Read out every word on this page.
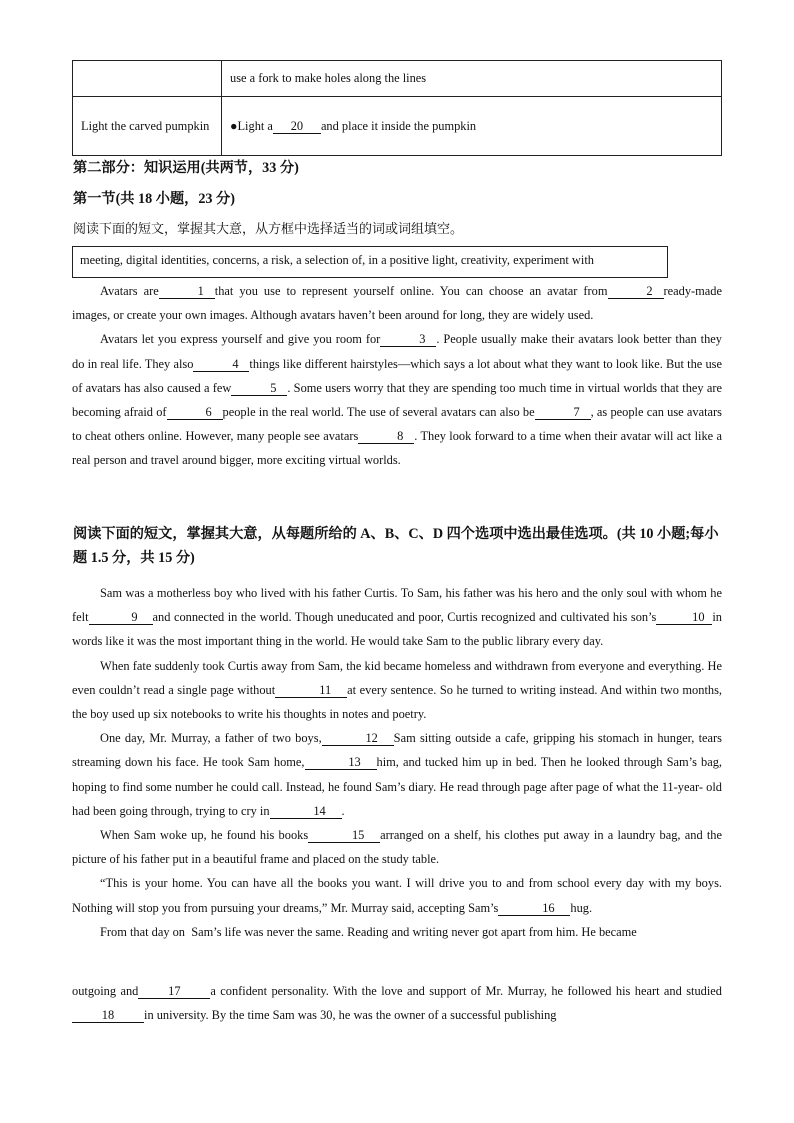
	use a fork to make holes along the lines
Light the carved pumpkin	●Light a 20 and place it inside the pumpkin
第二部分：知识运用(共两节，33 分)
第一节(共 18 小题，23 分)
阅读下面的短文，掌握其大意，从方框中选择适当的词或词组填空。
meeting, digital identities, concerns, a risk, a selection of, in a positive light, creativity, experiment with

Avatars are	1 that you use to represent yourself online. You can choose an avatar from	2 ready-made images, or create your own images. Although avatars haven’t been around for long, they are widely used.

Avatars let you express yourself and give you room for	3 . People usually make their avatars look better than they do in real life. They also	4 things like different hairstyles—which says a lot about what they want to look like. But the use of avatars has also caused a few	5 . Some users worry that they are spending too much time in virtual worlds that they are becoming afraid of	6 people in the real world. The use of several avatars can also be	7 , as people can use avatars to cheat others online. However, many people see avatars	8 . They look forward to a time when their avatar will act like a real person and travel around bigger, more exciting virtual worlds.

阅读下面的短文，掌握其大意，从每题所给的 A、B、C、D 四个选项中选出最佳选项。(共 10 小题;每小题 1.5 分，共 15 分)

Sam was a motherless boy who lived with his father Curtis. To Sam, his father was his hero and the only soul with whom he felt	9 and connected in the world. Though uneducated and poor, Curtis recognized and cultivated his son’s	10 in words like it was the most important thing in the world. He would take Sam to the public library every day.

When fate suddenly took Curtis away from Sam, the kid became homeless and withdrawn from everyone and everything. He even couldn’t read a single page without	11 at every sentence. So he turned to writing instead. And within two months, the boy used up six notebooks to write his thoughts in notes and poetry.

One day, Mr. Murray, a father of two boys,	12 Sam sitting outside a cafe, gripping his stomach in hunger, tears streaming down his face. He took Sam home,	13 him, and tucked him up in bed. Then he looked through Sam’s bag, hoping to find some number he could call. Instead, he found Sam’s diary. He read through page after page of what the 11-year- old had been going through, trying to cry in	14 .

When Sam woke up, he found his books	15 arranged on a shelf, his clothes put away in a laundry bag, and the picture of his father put in a beautiful frame and placed on the study table.

“This is your home. You can have all the books you want. I will drive you to and from school every day with my boys. Nothing will stop you from pursuing your dreams,” Mr. Murray said, accepting Sam’s	16 hug.

From that day on Sam’s life was never the same. Reading and writing never got apart from him. He became

outgoing and 17 a confident personality. With the love and support of Mr. Murray, he followed his heart and studied18 in university. By the time Sam was 30, he was the owner of a successful publishing
